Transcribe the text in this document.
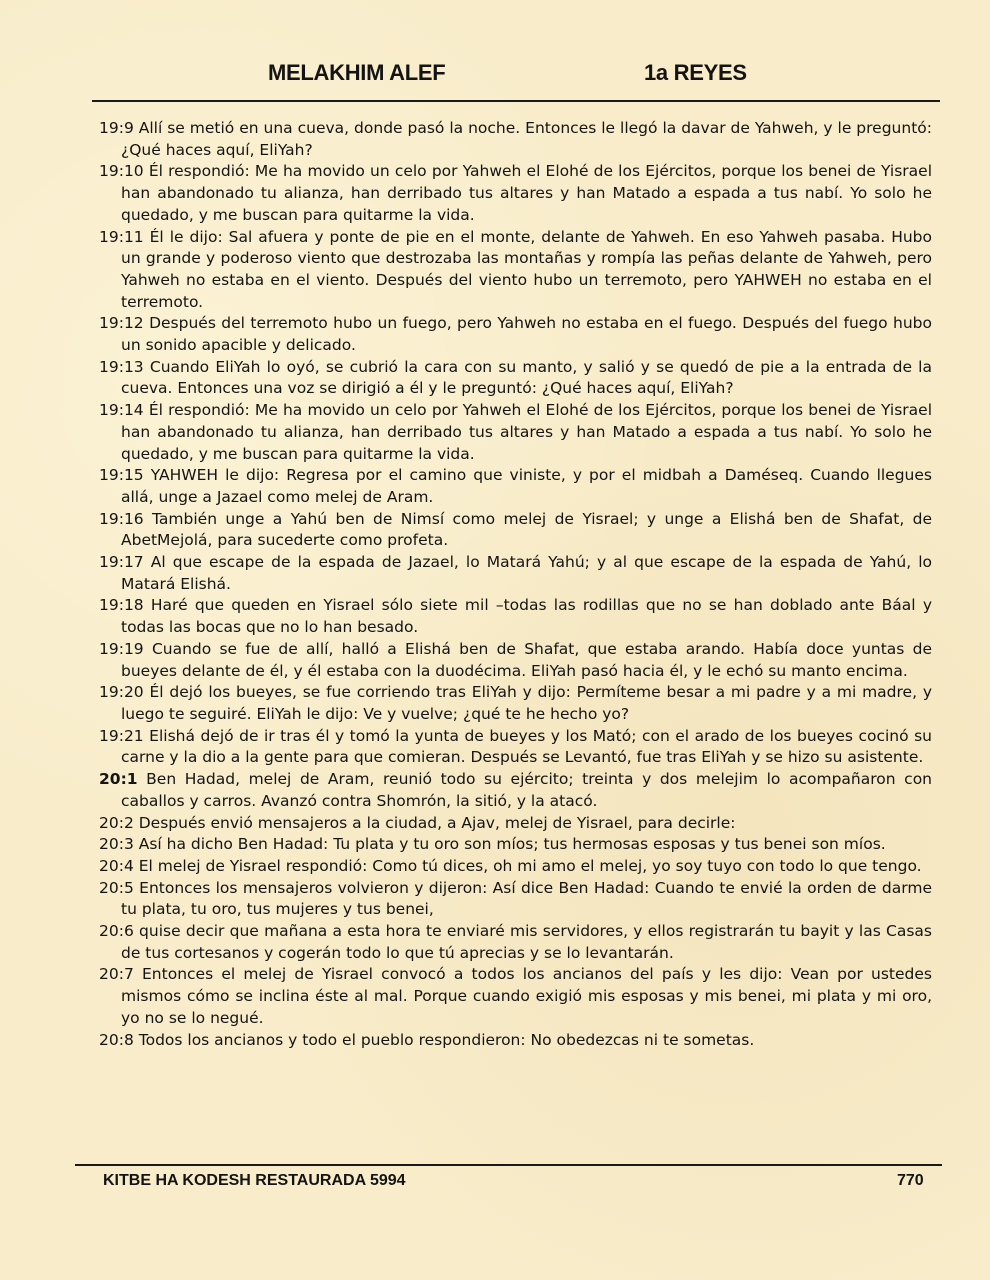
MELAKHIM ALEF	1a REYES

19:9 Allí se metió en una cueva, donde pasó la noche. Entonces le llegó la davar de Yahweh, y le preguntó: ¿Qué haces aquí, EliYah?

19:10 Él respondió: Me ha movido un celo por Yahweh el Elohé de los Ejércitos, porque los benei de Yisrael han abandonado tu alianza, han derribado tus altares y han Matado a espada a tus nabí. Yo solo he quedado, y me buscan para quitarme la vida.

19:11 Él le dijo: Sal afuera y ponte de pie en el monte, delante de Yahweh. En eso Yahweh pasaba. Hubo un grande y poderoso viento que destrozaba las montañas y rompía las peñas delante de Yahweh, pero Yahweh no estaba en el viento. Después del viento hubo un terremoto, pero YAHWEH no estaba en el terremoto.

19:12 Después del terremoto hubo un fuego, pero Yahweh no estaba en el fuego. Después del fuego hubo un sonido apacible y delicado.

19:13 Cuando EliYah lo oyó, se cubrió la cara con su manto, y salió y se quedó de pie a la entrada de la cueva. Entonces una voz se dirigió a él y le preguntó: ¿Qué haces aquí, EliYah?

19:14 Él respondió: Me ha movido un celo por Yahweh el Elohé de los Ejércitos, porque los benei de Yisrael han abandonado tu alianza, han derribado tus altares y han Matado a espada a tus nabí. Yo solo he quedado, y me buscan para quitarme la vida.

19:15 YAHWEH le dijo: Regresa por el camino que viniste, y por el midbah a Daméseq. Cuando llegues allá, unge a Jazael como melej de Aram.

19:16 También unge a Yahú ben de Nimsí como melej de Yisrael; y unge a Elishá ben de Shafat, de AbetMejolá, para sucederte como profeta.

19:17 Al que escape de la espada de Jazael, lo Matará Yahú; y al que escape de la espada de Yahú, lo Matará Elishá.

19:18 Haré que queden en Yisrael sólo siete mil –todas las rodillas que no se han doblado ante Báal y todas las bocas que no lo han besado.

19:19 Cuando se fue de allí, halló a Elishá ben de Shafat, que estaba arando. Había doce yuntas de bueyes delante de él, y él estaba con la duodécima. EliYah pasó hacia él, y le echó su manto encima.

19:20 Él dejó los bueyes, se fue corriendo tras EliYah y dijo: Permíteme besar a mi padre y a mi madre, y luego te seguiré. EliYah le dijo: Ve y vuelve; ¿qué te he hecho yo?

19:21 Elishá dejó de ir tras él y tomó la yunta de bueyes y los Mató; con el arado de los bueyes cocinó su carne y la dio a la gente para que comieran. Después se Levantó, fue tras EliYah y se hizo su asistente.

20:1 Ben Hadad, melej de Aram, reunió todo su ejército; treinta y dos melejim lo acompañaron con caballos y carros. Avanzó contra Shomrón, la sitió, y la atacó.

20:2 Después envió mensajeros a la ciudad, a Ajav, melej de Yisrael, para decirle:

20:3 Así ha dicho Ben Hadad: Tu plata y tu oro son míos; tus hermosas esposas y tus benei son míos.

20:4 El melej de Yisrael respondió: Como tú dices, oh mi amo el melej, yo soy tuyo con todo lo que tengo.

20:5 Entonces los mensajeros volvieron y dijeron: Así dice Ben Hadad: Cuando te envié la orden de darme tu plata, tu oro, tus mujeres y tus benei,

20:6 quise decir que mañana a esta hora te enviaré mis servidores, y ellos registrarán tu bayit y las Casas de tus cortesanos y cogerán todo lo que tú aprecias y se lo levantarán.

20:7 Entonces el melej de Yisrael convocó a todos los ancianos del país y les dijo: Vean por ustedes mismos cómo se inclina éste al mal. Porque cuando exigió mis esposas y mis benei, mi plata y mi oro, yo no se lo negué.

20:8 Todos los ancianos y todo el pueblo respondieron: No obedezcas ni te sometas.

KITBE HA KODESH RESTAURADA 5994	770
